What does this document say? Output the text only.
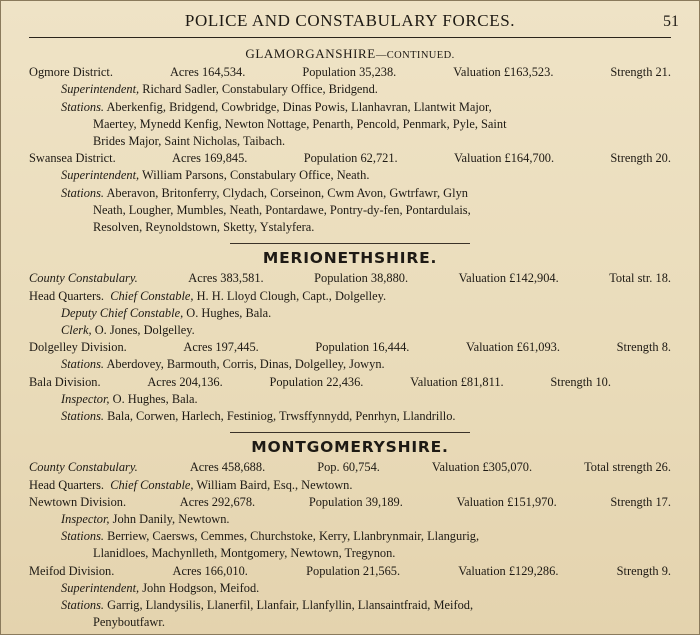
POLICE AND CONSTABULARY FORCES.	51
GLAMORGANSHIRE—CONTINUED.
Ogmore District.	Acres 164,534.	Population 35,238.	Valuation £163,523.	Strength 21.
Superintendent, Richard Sadler, Constabulary Office, Bridgend.
Stations. Aberkenfig, Bridgend, Cowbridge, Dinas Powis, Llanhavran, Llantwit Major,
Maertey, Mynedd Kenfig, Newton Nottage, Penarth, Pencold, Penmark, Pyle, Saint
Brides Major, Saint Nicholas, Taibach.
Swansea District.	Acres 169,845.	Population 62,721.	Valuation £164,700.	Strength 20.
Superintendent, William Parsons, Constabulary Office, Neath.
Stations. Aberavon, Britonferry, Clydach, Corseinon, Cwm Avon, Gwtrfawr, Glyn
Neath, Lougher, Mumbles, Neath, Pontardawe, Pontry-dy-fen, Pontardulais,
Resolven, Reynoldstown, Sketty, Ystalyfera.
MERIONETHSHIRE.
County Constabulary.	Acres 383,581.	Population 38,880.	Valuation £142,904.	Total str. 18.
Head Quarters. Chief Constable, H. H. Lloyd Clough, Capt., Dolgelley.
Deputy Chief Constable, O. Hughes, Bala.
Clerk, O. Jones, Dolgelley.
Dolgelley Division.	Acres 197,445.	Population 16,444.	Valuation £61,093.	Strength 8.
Stations. Aberdovey, Barmouth, Corris, Dinas, Dolgelley, Jowyn.
Bala Division.	Acres 204,136.	Population 22,436.	Valuation £81,811.	Strength 10.
Inspector, O. Hughes, Bala.
Stations. Bala, Corwen, Harlech, Festiniog, Trwsffynnydd, Penrhyn, Llandrillo.
MONTGOMERYSHIRE.
County Constabulary.	Acres 458,688.	Pop. 60,754.	Valuation £305,070.	Total strength 26.
Head Quarters. Chief Constable, William Baird, Esq., Newtown.
Newtown Division.	Acres 292,678.	Population 39,189.	Valuation £151,970.	Strength 17.
Inspector, John Danily, Newtown.
Stations. Berriew, Caersws, Cemmes, Churchstoke, Kerry, Llanbrynmair, Llangurig,
Llanidloes, Machynlleth, Montgomery, Newtown, Tregynon.
Meifod Division.	Acres 166,010.	Population 21,565.	Valuation £129,286.	Strength 9.
Superintendent, John Hodgson, Meifod.
Stations. Garrig, Llandysilis, Llanerfil, Llanfair, Llanfyllin, Llansaintfraid, Meifod,
Penyboutfawr.
